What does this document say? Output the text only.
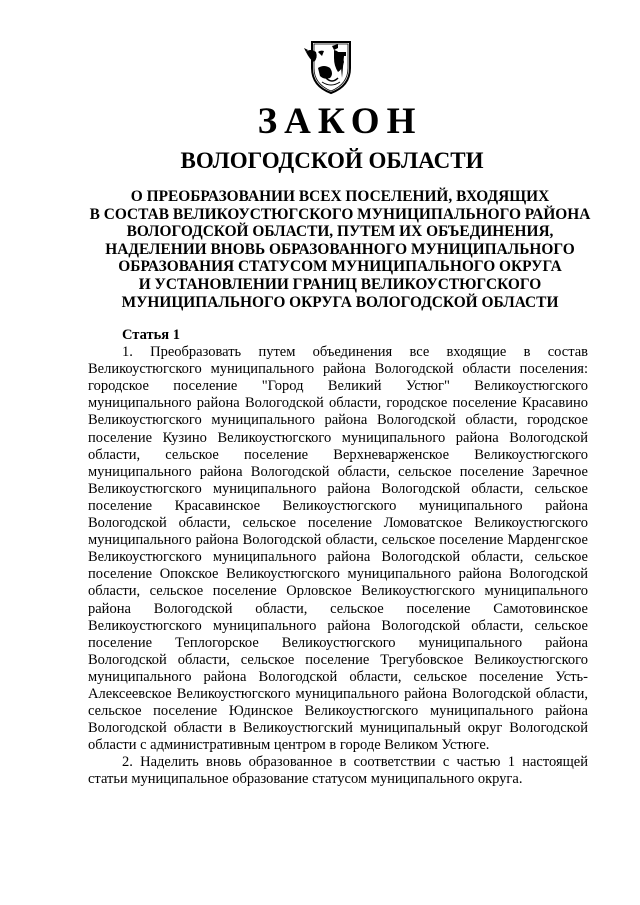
ЗАКОН
ВОЛОГОДСКОЙ ОБЛАСТИ
О ПРЕОБРАЗОВАНИИ ВСЕХ ПОСЕЛЕНИЙ, ВХОДЯЩИХ
В СОСТАВ ВЕЛИКОУСТЮГСКОГО МУНИЦИПАЛЬНОГО РАЙОНА
ВОЛОГОДСКОЙ ОБЛАСТИ, ПУТЕМ ИХ ОБЪЕДИНЕНИЯ,
НАДЕЛЕНИИ ВНОВЬ ОБРАЗОВАННОГО МУНИЦИПАЛЬНОГО
ОБРАЗОВАНИЯ СТАТУСОМ МУНИЦИПАЛЬНОГО ОКРУГА
И УСТАНОВЛЕНИИ ГРАНИЦ ВЕЛИКОУСТЮГСКОГО
МУНИЦИПАЛЬНОГО ОКРУГА ВОЛОГОДСКОЙ ОБЛАСТИ
Статья 1

1. Преобразовать путем объединения все входящие в состав Великоустюгского муниципального района Вологодской области поселения: городское поселение "Город Великий Устюг" Великоустюгского муниципального района Вологодской области, городское поселение Красавино Великоустюгского муниципального района Вологодской области, городское поселение Кузино Великоустюгского муниципального района Вологодской области, сельское поселение Верхневарженское Великоустюгского муниципального района Вологодской области, сельское поселение Заречное Великоустюгского муниципального района Вологодской области, сельское поселение Красавинское Великоустюгского муниципального района Вологодской области, сельское поселение Ломоватское Великоустюгского муниципального района Вологодской области, сельское поселение Марденгское Великоустюгского муниципального района Вологодской области, сельское поселение Опокское Великоустюгского муниципального района Вологодской области, сельское поселение Орловское Великоустюгского муниципального района Вологодской области, сельское поселение Самотовинское Великоустюгского муниципального района Вологодской области, сельское поселение Теплогорское Великоустюгского муниципального района Вологодской области, сельское поселение Трегубовское Великоустюгского муниципального района Вологодской области, сельское поселение Усть-Алексеевское Великоустюгского муниципального района Вологодской области, сельское поселение Юдинское Великоустюгского муниципального района Вологодской области в Великоустюгский муниципальный округ Вологодской области с административным центром в городе Великом Устюге.

2. Наделить вновь образованное в соответствии с частью 1 настоящей статьи муниципальное образование статусом муниципального округа.
